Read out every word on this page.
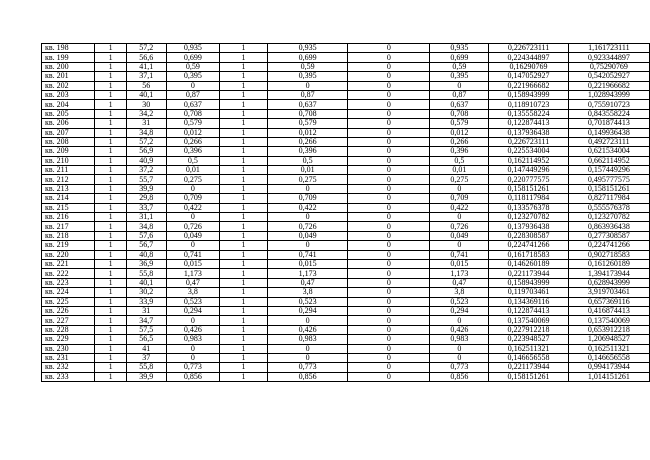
кв. 198	1	57,2	0,935	1	0,935	0	0,935	0,226723111	1,161723111
кв. 199	1	56,6	0,699	1	0,699	0	0,699	0,224344897	0,923344897
кв. 200	1	41,1	0,59	1	0,59	0	0,59	0,16290769	0,75290769
кв. 201	1	37,1	0,395	1	0,395	0	0,395	0,147052927	0,542052927
кв. 202	1	56	0	1	0	0	0	0,221966682	0,221966682
кв. 203	1	40,1	0,87	1	0,87	0	0,87	0,158943999	1,028943999
кв. 204	1	30	0,637	1	0,637	0	0,637	0,118910723	0,755910723
кв. 205	1	34,2	0,708	1	0,708	0	0,708	0,135558224	0,843558224
кв. 206	1	31	0,579	1	0,579	0	0,579	0,122874413	0,701874413
кв. 207	1	34,8	0,012	1	0,012	0	0,012	0,137936438	0,149936438
кв. 208	1	57,2	0,266	1	0,266	0	0,266	0,226723111	0,492723111
кв. 209	1	56,9	0,396	1	0,396	0	0,396	0,225534004	0,621534004
кв. 210	1	40,9	0,5	1	0,5	0	0,5	0,162114952	0,662114952
кв. 211	1	37,2	0,01	1	0,01	0	0,01	0,147449296	0,157449296
кв. 212	1	55,7	0,275	1	0,275	0	0,275	0,220777575	0,495777575
кв. 213	1	39,9	0	1	0	0	0	0,158151261	0,158151261
кв. 214	1	29,8	0,709	1	0,709	0	0,709	0,118117984	0,827117984
кв. 215	1	33,7	0,422	1	0,422	0	0,422	0,133576378	0,555576378
кв. 216	1	31,1	0	1	0	0	0	0,123270782	0,123270782
кв. 217	1	34,8	0,726	1	0,726	0	0,726	0,137936438	0,863936438
кв. 218	1	57,6	0,049	1	0,049	0	0,049	0,228308587	0,277308587
кв. 219	1	56,7	0	1	0	0	0	0,224741266	0,224741266
кв. 220	1	40,8	0,741	1	0,741	0	0,741	0,161718583	0,902718583
кв. 221	1	36,9	0,015	1	0,015	0	0,015	0,146260189	0,161260189
кв. 222	1	55,8	1,173	1	1,173	0	1,173	0,221173944	1,394173944
кв. 223	1	40,1	0,47	1	0,47	0	0,47	0,158943999	0,628943999
кв. 224	1	30,2	3,8	1	3,8	0	3,8	0,119703461	3,919703461
кв. 225	1	33,9	0,523	1	0,523	0	0,523	0,134369116	0,657369116
кв. 226	1	31	0,294	1	0,294	0	0,294	0,122874413	0,416874413
кв. 227	1	34,7	0	1	0	0	0	0,137540069	0,137540069
кв. 228	1	57,5	0,426	1	0,426	0	0,426	0,227912218	0,653912218
кв. 229	1	56,5	0,983	1	0,983	0	0,983	0,223948527	1,206948527
кв. 230	1	41	0	1	0	0	0	0,162511321	0,162511321
кв. 231	1	37	0	1	0	0	0	0,146656558	0,146656558
кв. 232	1	55,8	0,773	1	0,773	0	0,773	0,221173944	0,994173944
кв. 233	1	39,9	0,856	1	0,856	0	0,856	0,158151261	1,014151261
